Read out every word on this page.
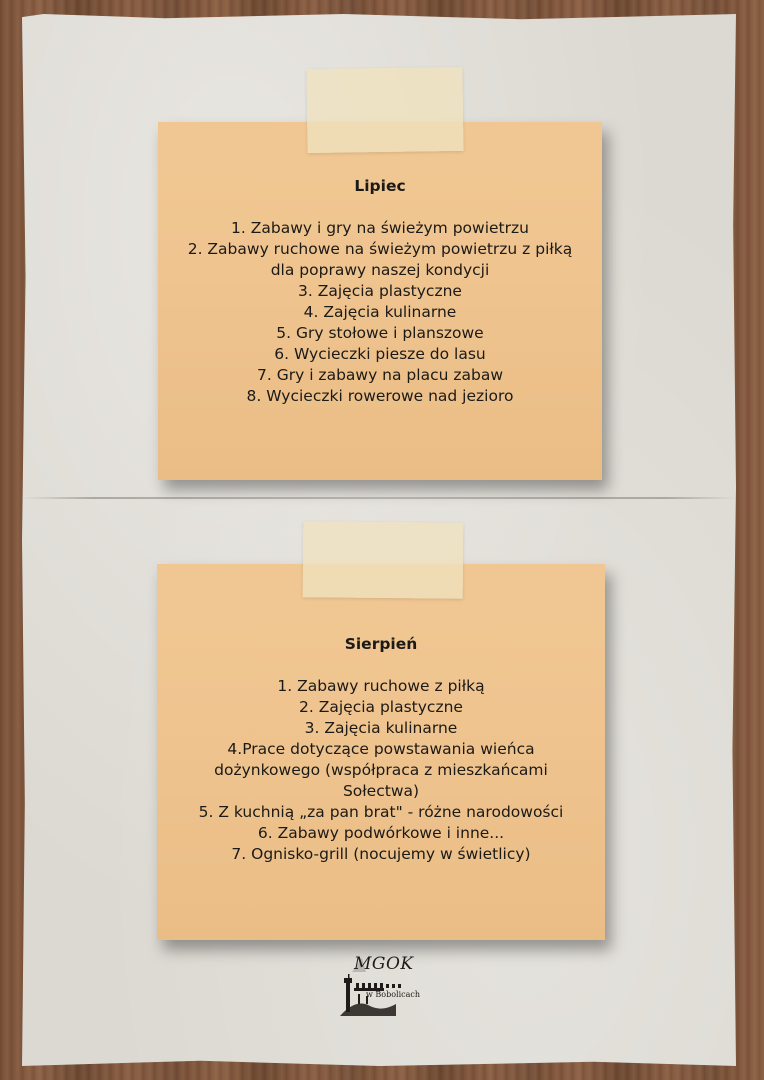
Lipiec
1. Zabawy i gry na świeżym powietrzu
2. Zabawy ruchowe na świeżym powietrzu z piłką dla poprawy naszej kondycji
3. Zajęcia plastyczne
4. Zajęcia kulinarne
5. Gry stołowe i planszowe
6. Wycieczki piesze do lasu
7. Gry i zabawy na placu zabaw
8. Wycieczki rowerowe nad jezioro
Sierpień
1. Zabawy ruchowe z piłką
2. Zajęcia plastyczne
3. Zajęcia kulinarne
4.Prace dotyczące powstawania wieńca dożynkowego (współpraca z mieszkańcami Sołectwa)
5. Z kuchnią „za pan brat" - różne narodowości
6. Zabawy podwórkowe i inne...
7. Ognisko-grill (nocujemy w świetlicy)
MGOK
w Bobolicach
